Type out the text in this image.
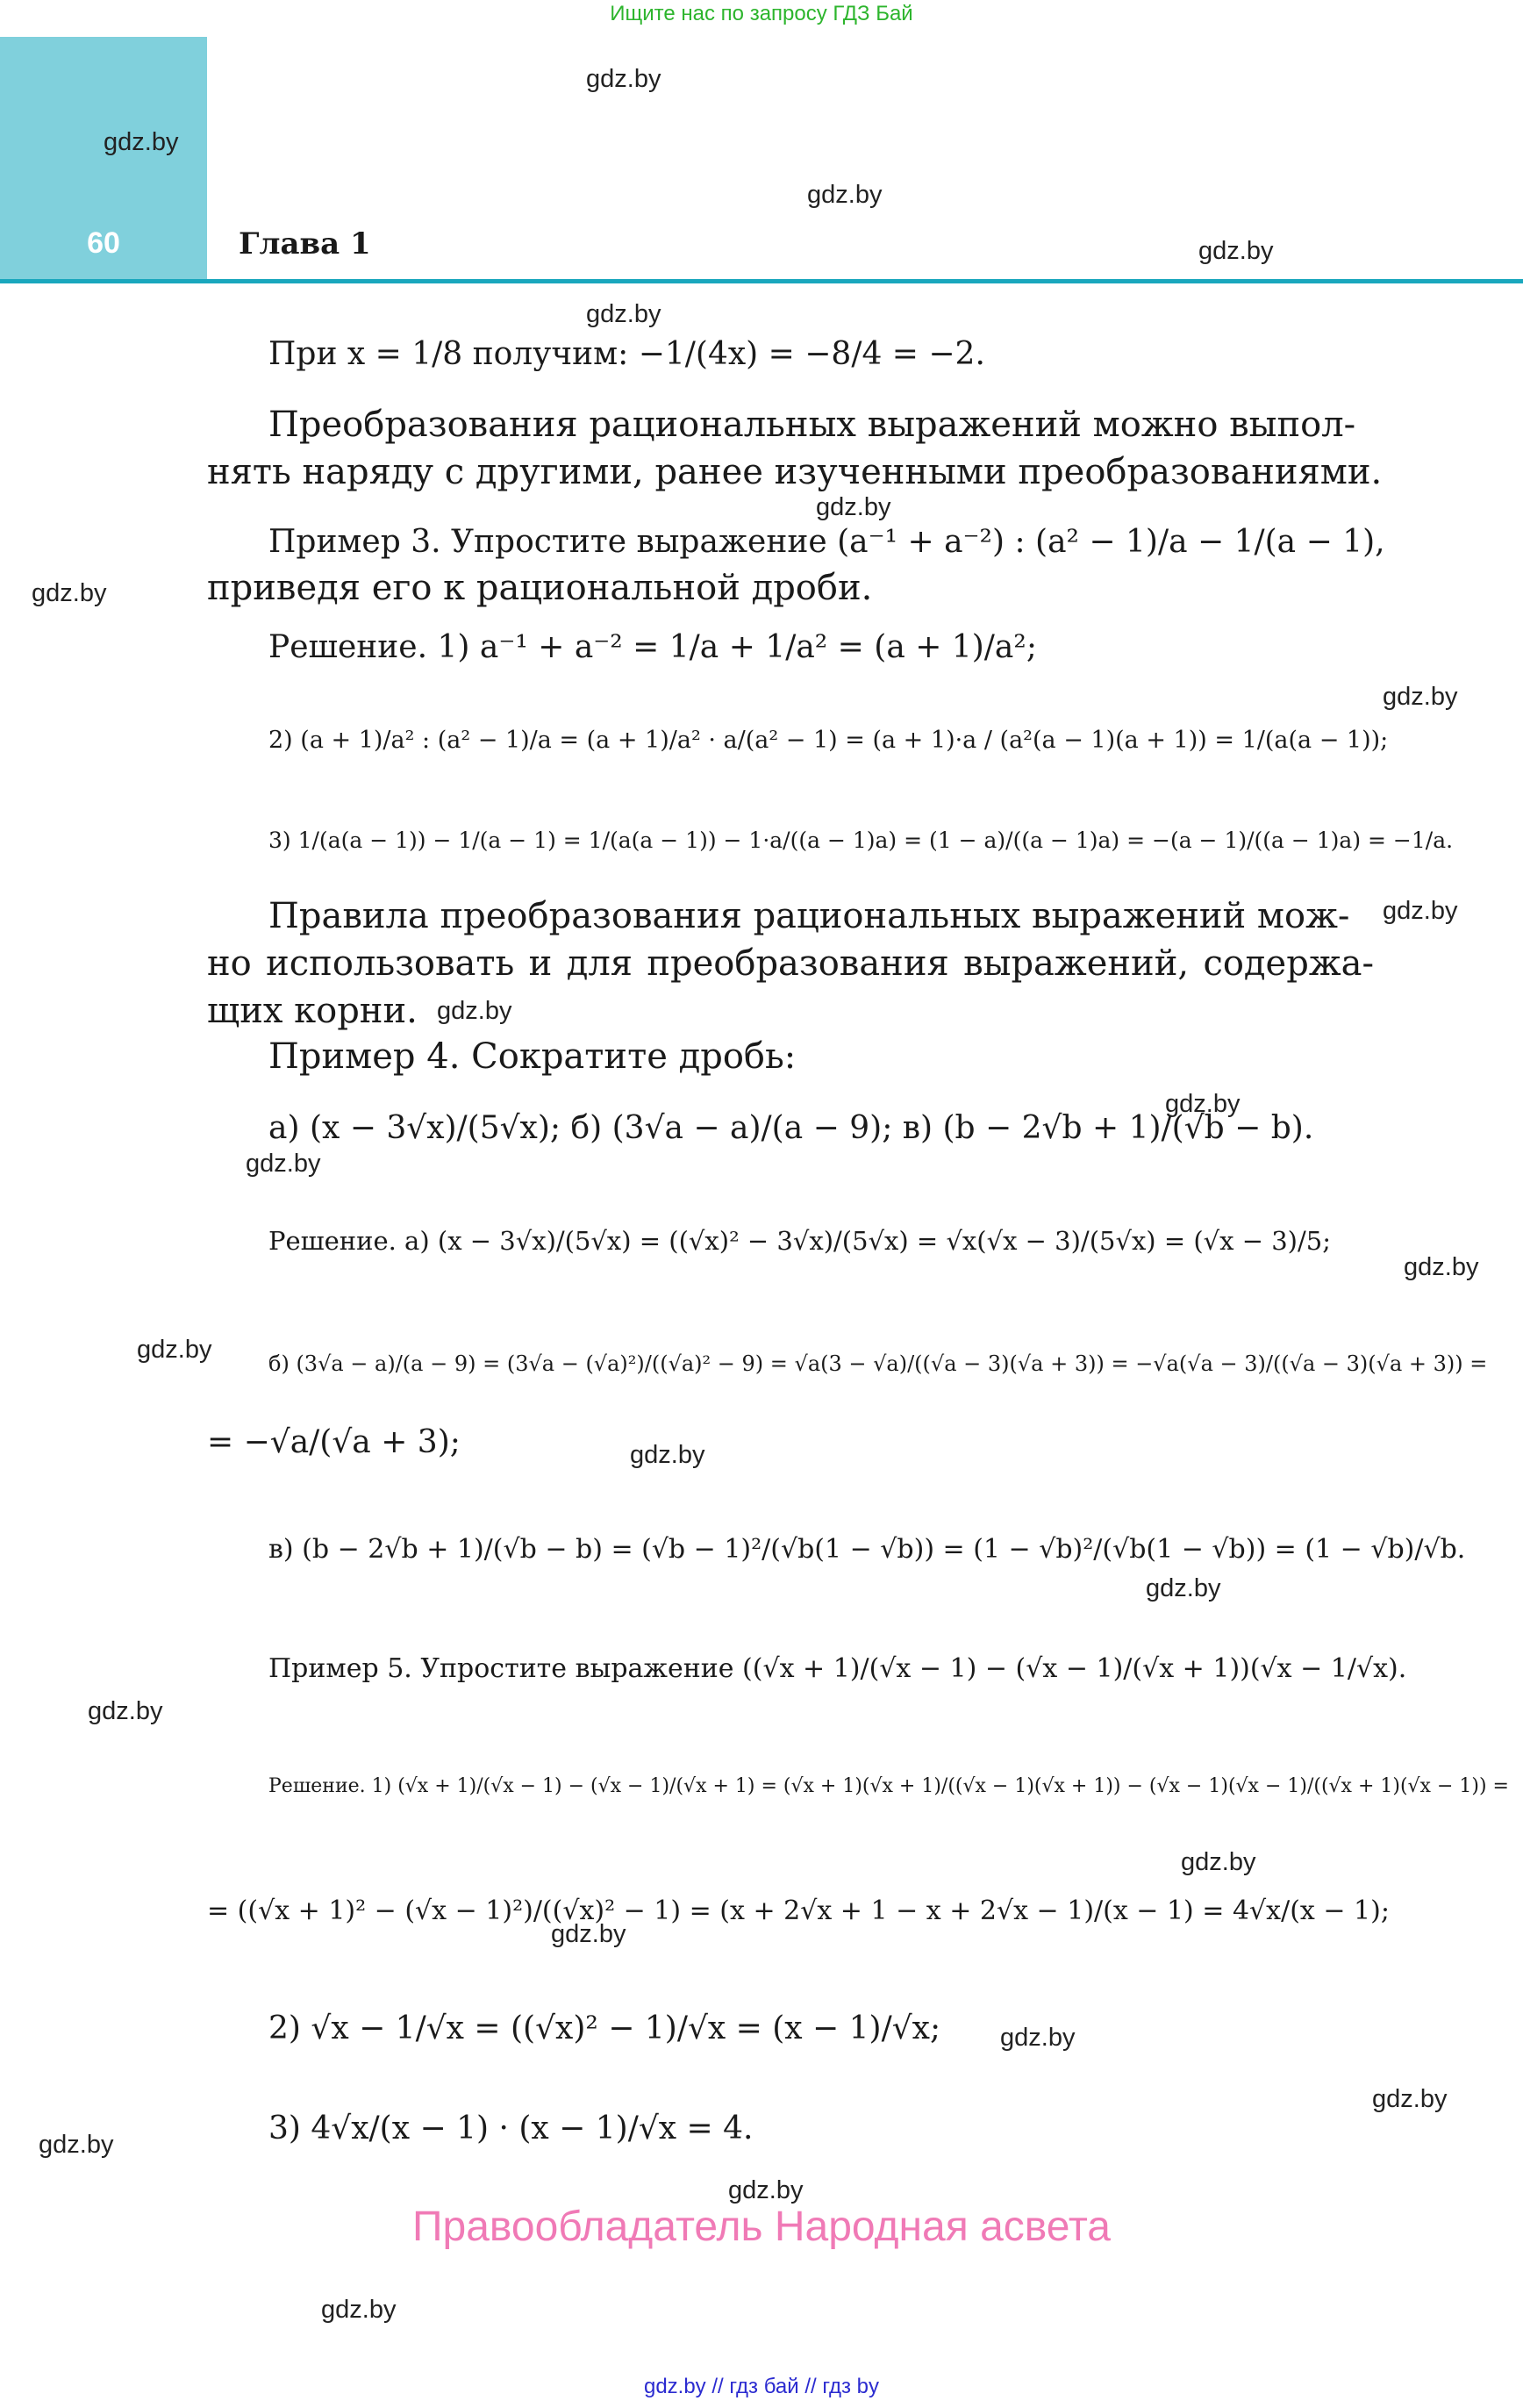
Ищите нас по запросу ГДЗ Бай
60	Глава 1
gdz.by
gdz.by
gdz.by
gdz.by
gdz.by
gdz.by
gdz.by
gdz.by
gdz.by
gdz.by
gdz.by
gdz.by
gdz.by
gdz.by
gdz.by
gdz.by
gdz.by
gdz.by
gdz.by
gdz.by
gdz.by
gdz.by
gdz.by
gdz.by
При x = 1/8 получим: −1/(4x) = −8/4 = −2.
Преобразования рациональных выражений можно выпол-
нять наряду с другими, ранее изученными преобразованиями.
Пример 3. Упростите выражение (a⁻¹ + a⁻²) : (a² − 1)/a − 1/(a − 1),
приведя его к рациональной дроби.
Решение. 1) a⁻¹ + a⁻² = 1/a + 1/a² = (a + 1)/a²;
2) (a + 1)/a² : (a² − 1)/a = (a + 1)/a² · a/(a² − 1) = (a + 1)·a / (a²(a − 1)(a + 1)) = 1/(a(a − 1));
3) 1/(a(a − 1)) − 1/(a − 1) = 1/(a(a − 1)) − 1·a/((a − 1)a) = (1 − a)/((a − 1)a) = −(a − 1)/((a − 1)a) = −1/a.
Правила преобразования рациональных выражений мож-
но использовать и для преобразования выражений, содержа-
щих корни.
Пример 4. Сократите дробь:
а) (x − 3√x)/(5√x); б) (3√a − a)/(a − 9); в) (b − 2√b + 1)/(√b − b).
Решение. а) (x − 3√x)/(5√x) = ((√x)² − 3√x)/(5√x) = √x(√x − 3)/(5√x) = (√x − 3)/5;
б) (3√a − a)/(a − 9) = (3√a − (√a)²)/((√a)² − 9) = √a(3 − √a)/((√a − 3)(√a + 3)) = −√a(√a − 3)/((√a − 3)(√a + 3)) =
= −√a/(√a + 3);
в) (b − 2√b + 1)/(√b − b) = (√b − 1)²/(√b(1 − √b)) = (1 − √b)²/(√b(1 − √b)) = (1 − √b)/√b.
Пример 5. Упростите выражение ((√x + 1)/(√x − 1) − (√x − 1)/(√x + 1))(√x − 1/√x).
Решение. 1) (√x + 1)/(√x − 1) − (√x − 1)/(√x + 1) = (√x + 1)(√x + 1)/((√x − 1)(√x + 1)) − (√x − 1)(√x − 1)/((√x + 1)(√x − 1)) =
= ((√x + 1)² − (√x − 1)²)/((√x)² − 1) = (x + 2√x + 1 − x + 2√x − 1)/(x − 1) = 4√x/(x − 1);
2) √x − 1/√x = ((√x)² − 1)/√x = (x − 1)/√x;
3) 4√x/(x − 1) · (x − 1)/√x = 4.
Правообладатель Народная асвета
gdz.by // гдз бай // гдз by
